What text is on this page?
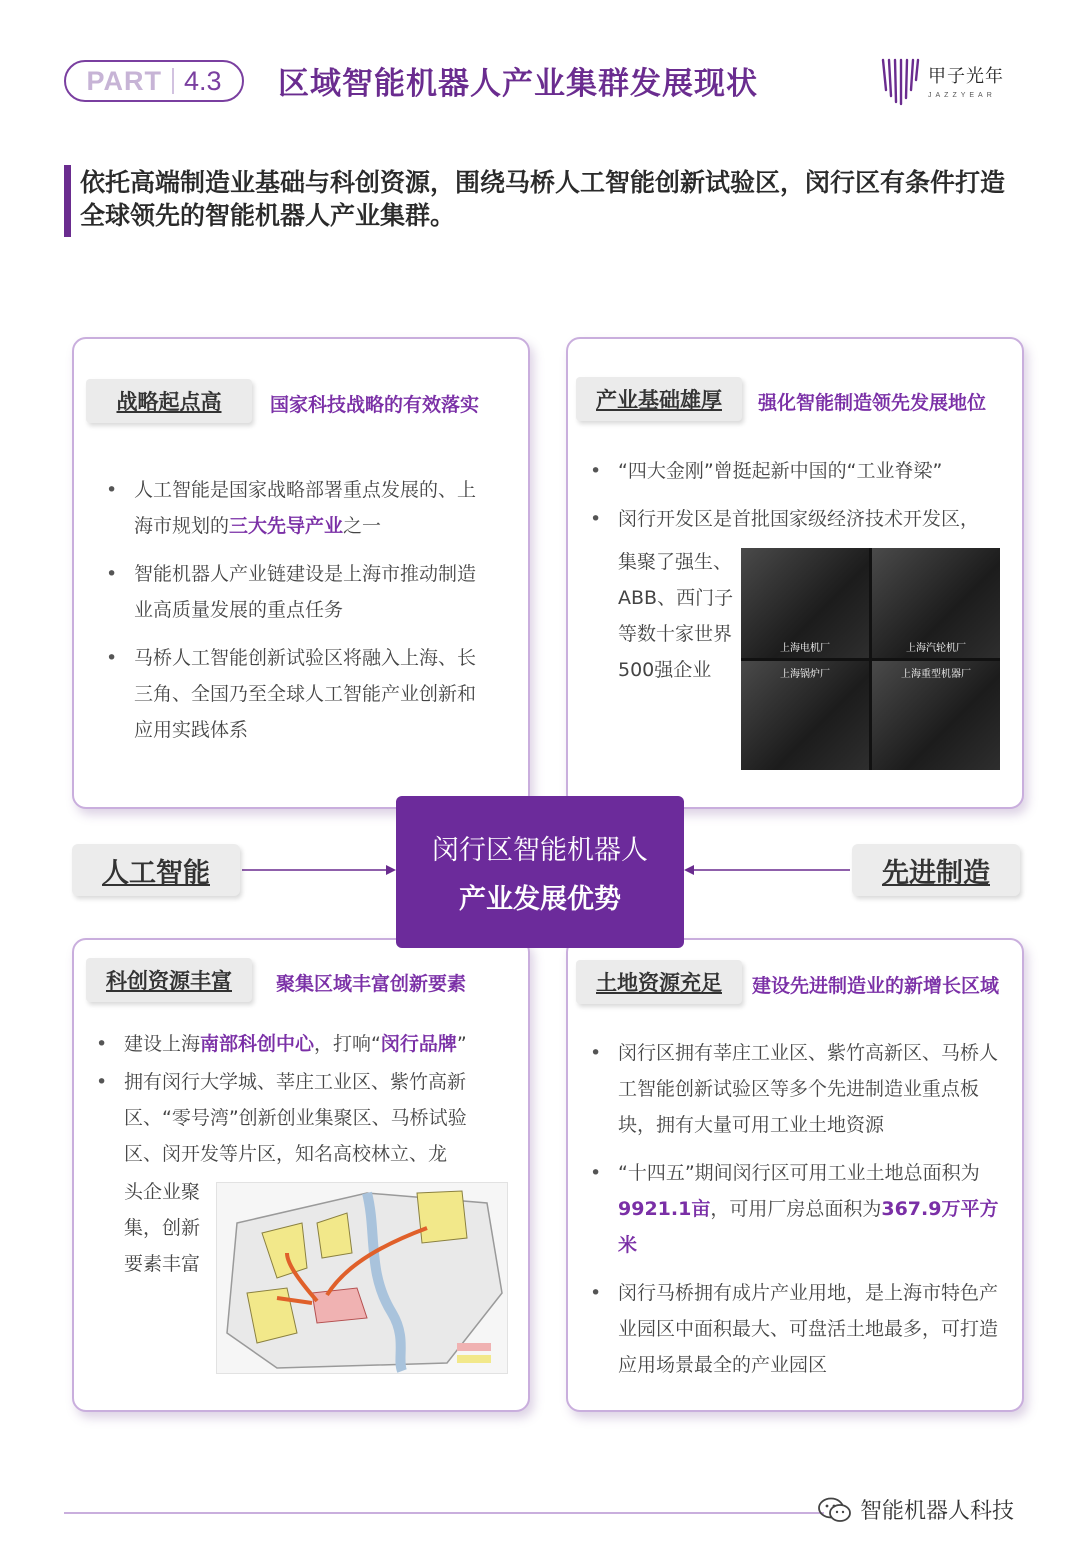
PART 4.3 区域智能机器人产业集群发展现状	甲子光年
JAZZYEAR
依托高端制造业基础与科创资源，围绕马桥人工智能创新试验区，闵行区有条件打造全球领先的智能机器人产业集群。
战略起点高	国家科技战略的有效落实
• 人工智能是国家战略部署重点发展的、上海市规划的三大先导产业之一
• 智能机器人产业链建设是上海市推动制造业高质量发展的重点任务
• 马桥人工智能创新试验区将融入上海、长三角、全国乃至全球人工智能产业创新和应用实践体系
产业基础雄厚	强化智能制造领先发展地位
• “四大金刚”曾挺起新中国的“工业脊梁”
• 闵行开发区是首批国家级经济技术开发区，
集聚了强生、ABB、西门子等数十家世界500强企业
上海电机厂	上海汽轮机厂
上海锅炉厂	上海重型机器厂
人工智能	先进制造
闵行区智能机器人
产业发展优势
科创资源丰富	聚集区域丰富创新要素
• 建设上海南部科创中心，打响“闵行品牌”
• 拥有闵行大学城、莘庄工业区、紫竹高新区、“零号湾”创新创业集聚区、马桥试验区、闵开发等片区，知名高校林立、龙
头企业聚集，创新要素丰富
土地资源充足	建设先进制造业的新增长区域
• 闵行区拥有莘庄工业区、紫竹高新区、马桥人工智能创新试验区等多个先进制造业重点板块，拥有大量可用工业土地资源
• “十四五”期间闵行区可用工业土地总面积为9921.1亩，可用厂房总面积为367.9万平方米
• 闵行马桥拥有成片产业用地，是上海市特色产业园区中面积最大、可盘活土地最多，可打造应用场景最全的产业园区
智能机器人科技
